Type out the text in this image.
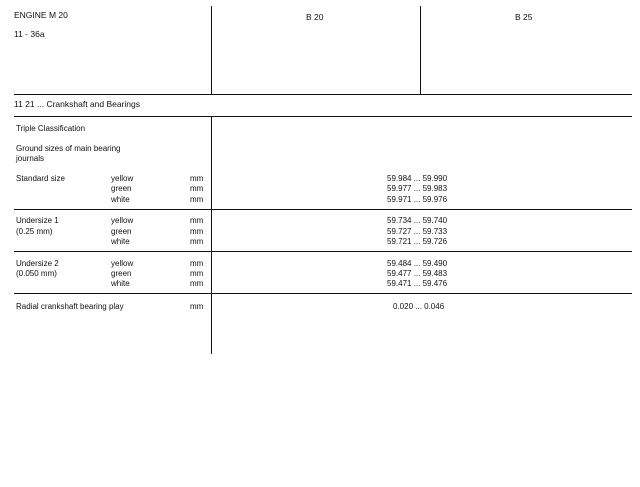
ENGINE M 20
11 - 36a
B 20	B 25
11 21 ... Crankshaft and Bearings
Triple Classification
Ground sizes of main bearing
journals
Standard size	yellow	mm	59.984 ... 59.990
green	mm	59.977 ... 59.983
white	mm	59.971 ... 59.976
Undersize 1
(0.25 mm)
yellow	mm	59.734 ... 59.740
green	mm	59.727 ... 59.733
white	mm	59.721 ... 59.726
Undersize 2
(0.050 mm)
yellow	mm	59.484 ... 59.490
green	mm	59.477 ... 59.483
white	mm	59.471 ... 59.476
Radial crankshaft bearing play	mm	0.020 ... 0.046
